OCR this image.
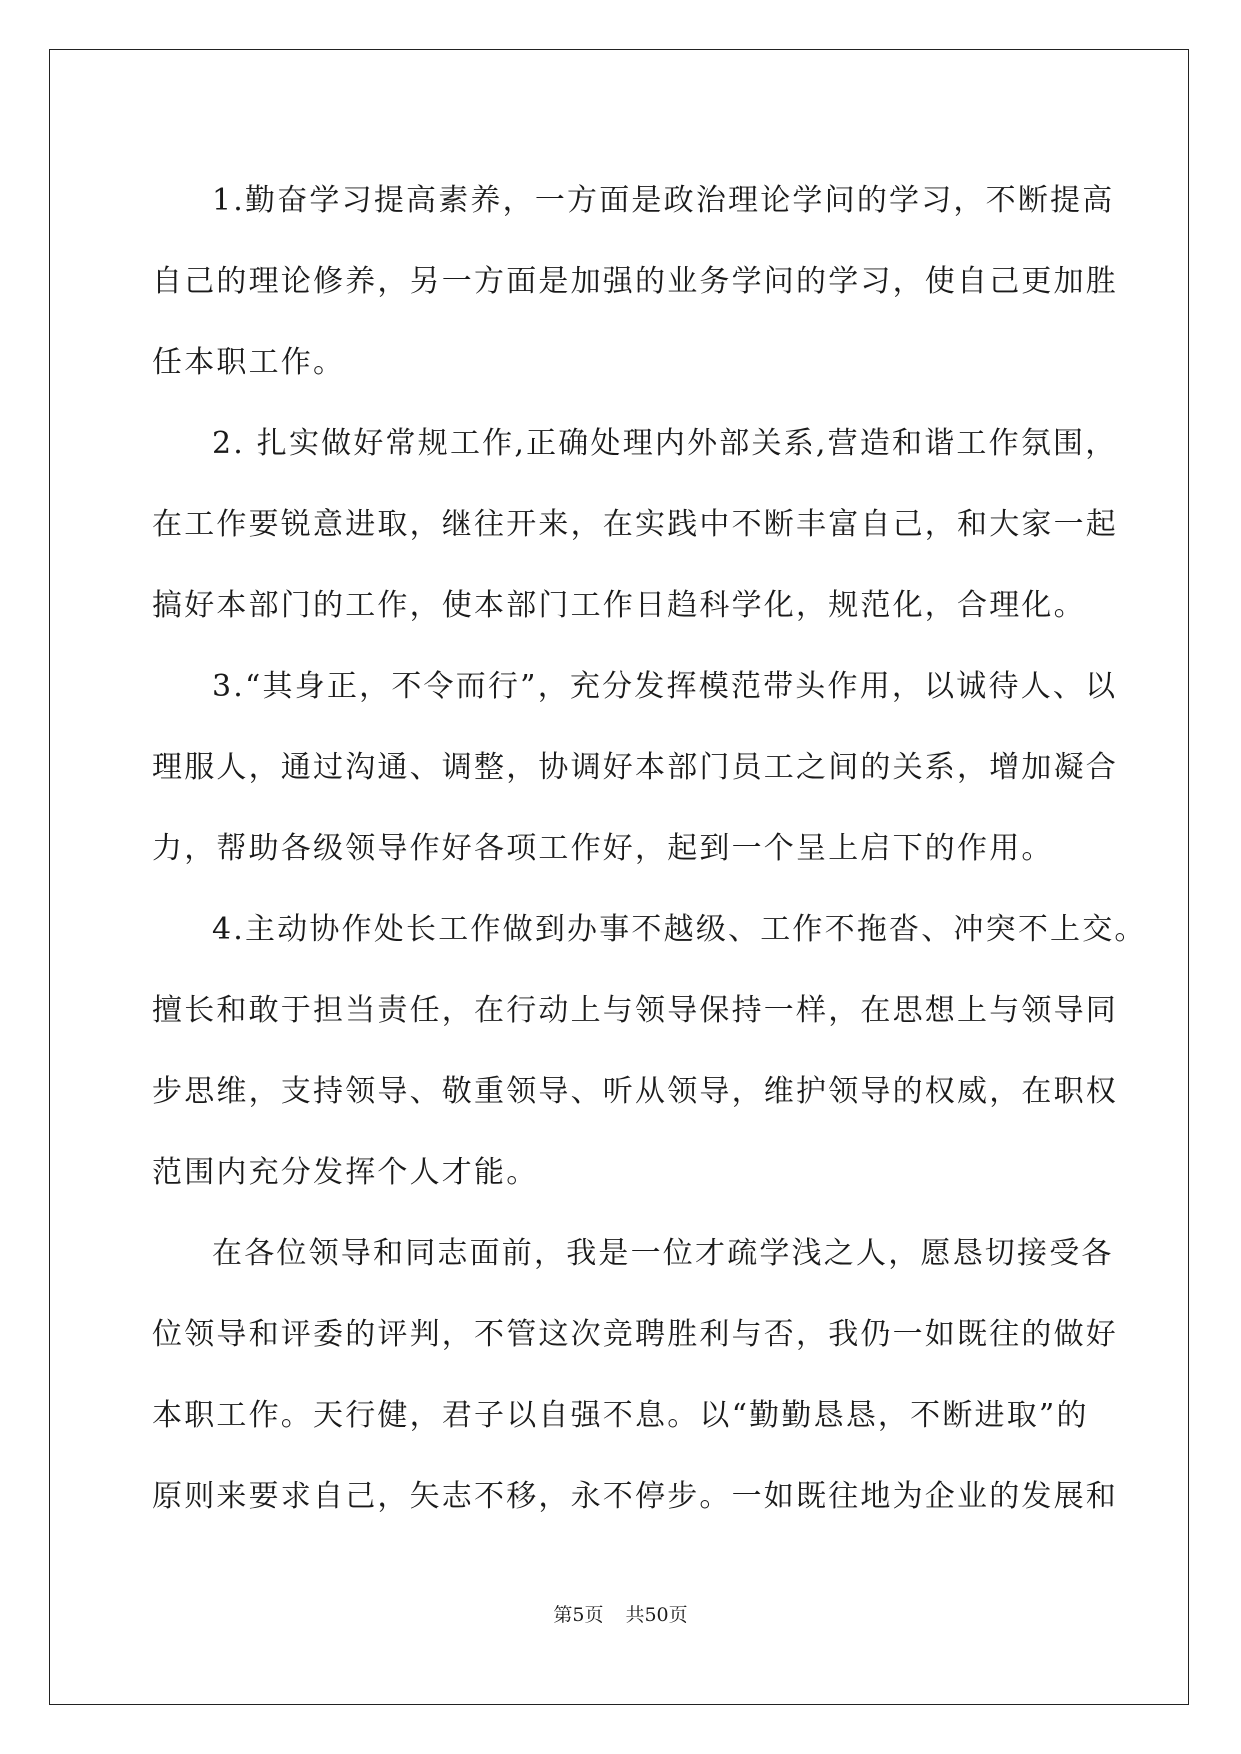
1.勤奋学习提高素养，一方面是政治理论学问的学习，不断提高
自己的理论修养，另一方面是加强的业务学问的学习，使自己更加胜
任本职工作。
2. 扎实做好常规工作,正确处理内外部关系,营造和谐工作氛围，
在工作要锐意进取，继往开来，在实践中不断丰富自己，和大家一起
搞好本部门的工作，使本部门工作日趋科学化，规范化，合理化。
3.“其身正，不令而行”，充分发挥模范带头作用，以诚待人、以
理服人，通过沟通、调整，协调好本部门员工之间的关系，增加凝合
力，帮助各级领导作好各项工作好，起到一个呈上启下的作用。
4.主动协作处长工作做到办事不越级、工作不拖沓、冲突不上交。
擅长和敢于担当责任，在行动上与领导保持一样，在思想上与领导同
步思维，支持领导、敬重领导、听从领导，维护领导的权威，在职权
范围内充分发挥个人才能。
在各位领导和同志面前，我是一位才疏学浅之人，愿恳切接受各
位领导和评委的评判，不管这次竞聘胜利与否，我仍一如既往的做好
本职工作。天行健，君子以自强不息。以“勤勤恳恳，不断进取”的
原则来要求自己，矢志不移，永不停步。一如既往地为企业的发展和
第5页 共50页
